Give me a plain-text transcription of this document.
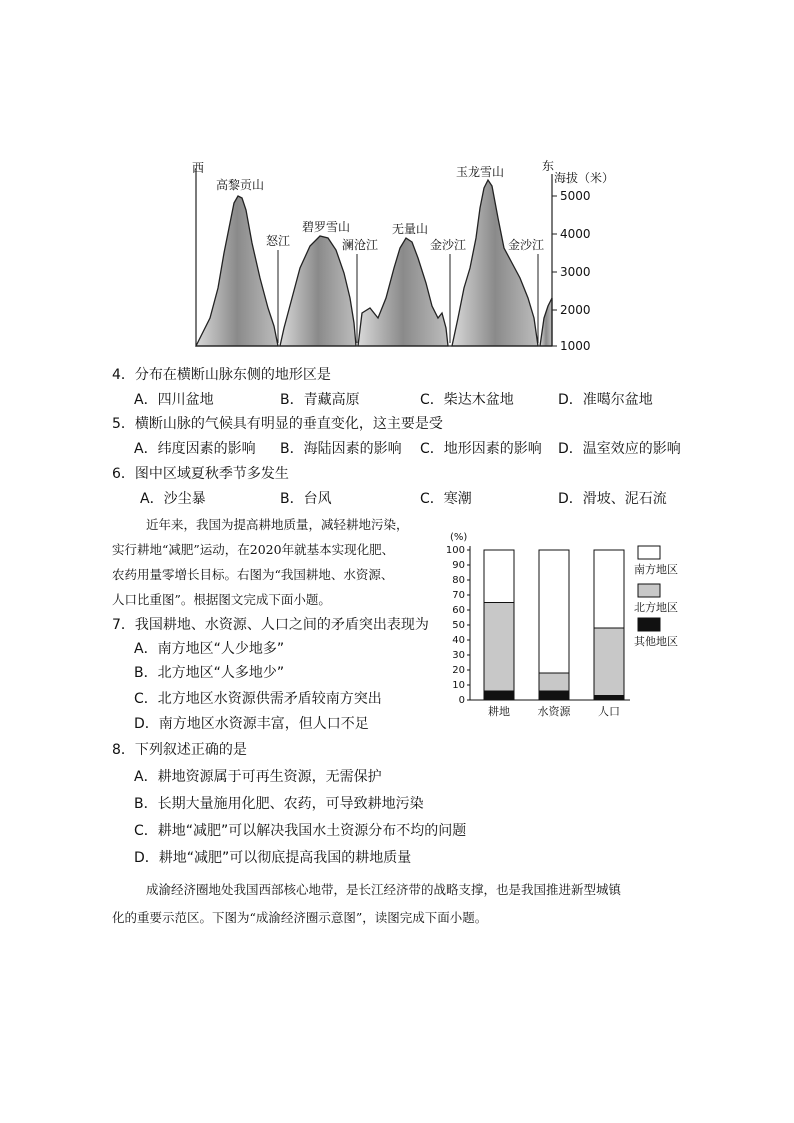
5000
4000
3000
2000
1000
海拔（米）
西	东
高黎贡山
碧罗雪山	无量山
玉龙雪山
怒江	澜沧江	金沙江	金沙江
4．分布在横断山脉东侧的地形区是
A．四川盆地	B．青藏高原	C．柴达木盆地	D．准噶尔盆地
5．横断山脉的气候具有明显的垂直变化，这主要是受
A．纬度因素的影响 B．海陆因素的影响 C．地形因素的影响 D．温室效应的影响
6．图中区域夏秋季节多发生
A．沙尘暴	B．台风	C．寒潮	D．滑坡、泥石流
近年来，我国为提高耕地质量，减轻耕地污染，
实行耕地“减肥”运动，在2020年就基本实现化肥、
农药用量零增长目标。右图为“我国耕地、水资源、
人口比重图”。根据图文完成下面小题。
7．我国耕地、水资源、人口之间的矛盾突出表现为
A．南方地区“人少地多”
B．北方地区“人多地少”
C．北方地区水资源供需矛盾较南方突出
D．南方地区水资源丰富，但人口不足
8．下列叙述正确的是
A．耕地资源属于可再生资源，无需保护
B．长期大量施用化肥、农药，可导致耕地污染
C．耕地“减肥”可以解决我国水土资源分布不均的问题
D．耕地“减肥”可以彻底提高我国的耕地质量
成渝经济圈地处我国西部核心地带，是长江经济带的战略支撑，也是我国推进新型城镇
化的重要示范区。下图为“成渝经济圈示意图”，读图完成下面小题。
(%)
0
10
20
30
40
50
60
70
80
90
100
耕地	水资源	人口
南方地区
北方地区
其他地区
